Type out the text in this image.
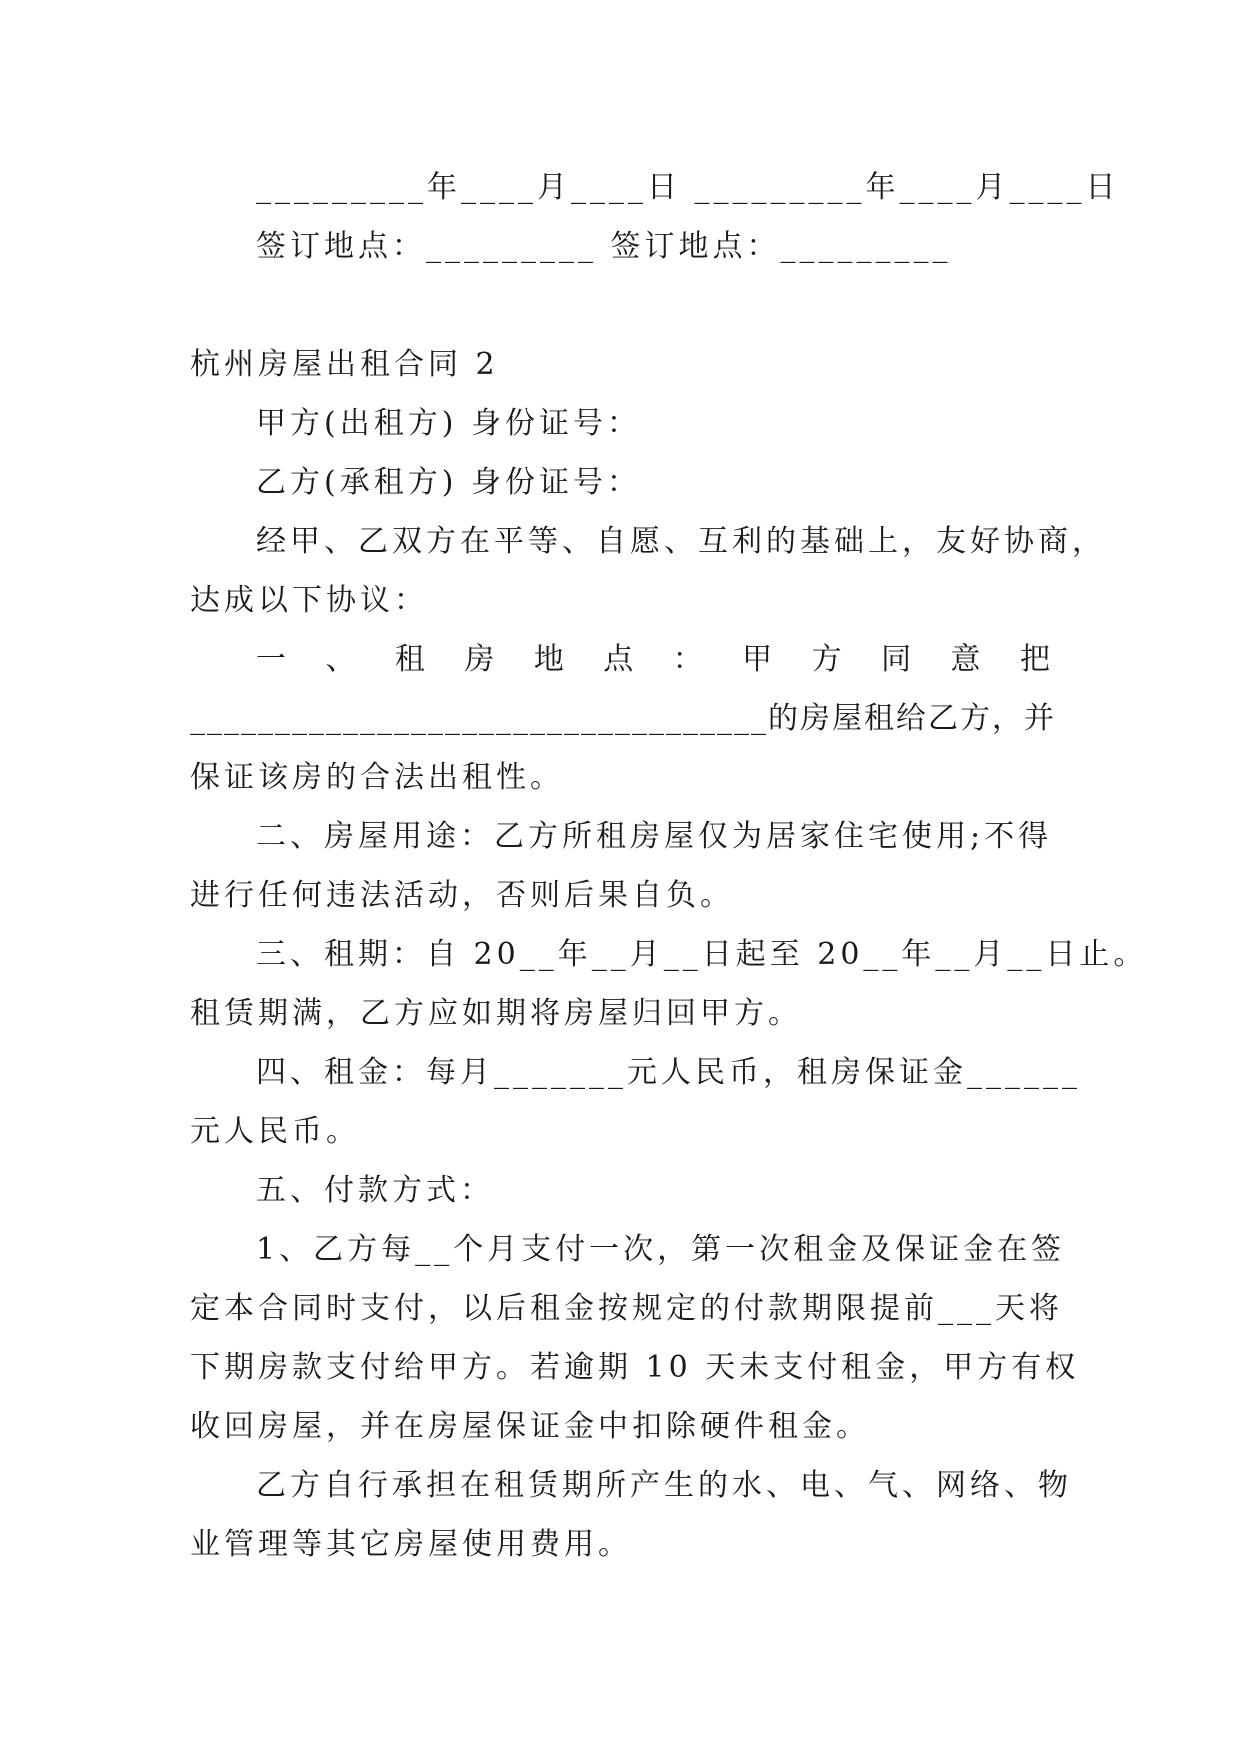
_________年____月____日 _________年____月____日
签订地点：_________ 签订地点：_________
杭州房屋出租合同 2
甲方(出租方) 身份证号：
乙方(承租方) 身份证号：
经甲、乙双方在平等、自愿、互利的基础上，友好协商，
达成以下协议：
一 、 租 房 地 点 ： 甲 方 同 意 把
__________________________________的房屋租给乙方，并
保证该房的合法出租性。
二、房屋用途：乙方所租房屋仅为居家住宅使用;不得
进行任何违法活动，否则后果自负。
三、租期：自 20__年__月__日起至 20__年__月__日止。
租赁期满，乙方应如期将房屋归回甲方。
四、租金：每月_______元人民币，租房保证金______
元人民币。
五、付款方式：
1、乙方每__个月支付一次，第一次租金及保证金在签
定本合同时支付，以后租金按规定的付款期限提前___天将
下期房款支付给甲方。若逾期 10 天未支付租金，甲方有权
收回房屋，并在房屋保证金中扣除硬件租金。
乙方自行承担在租赁期所产生的水、电、气、网络、物
业管理等其它房屋使用费用。
